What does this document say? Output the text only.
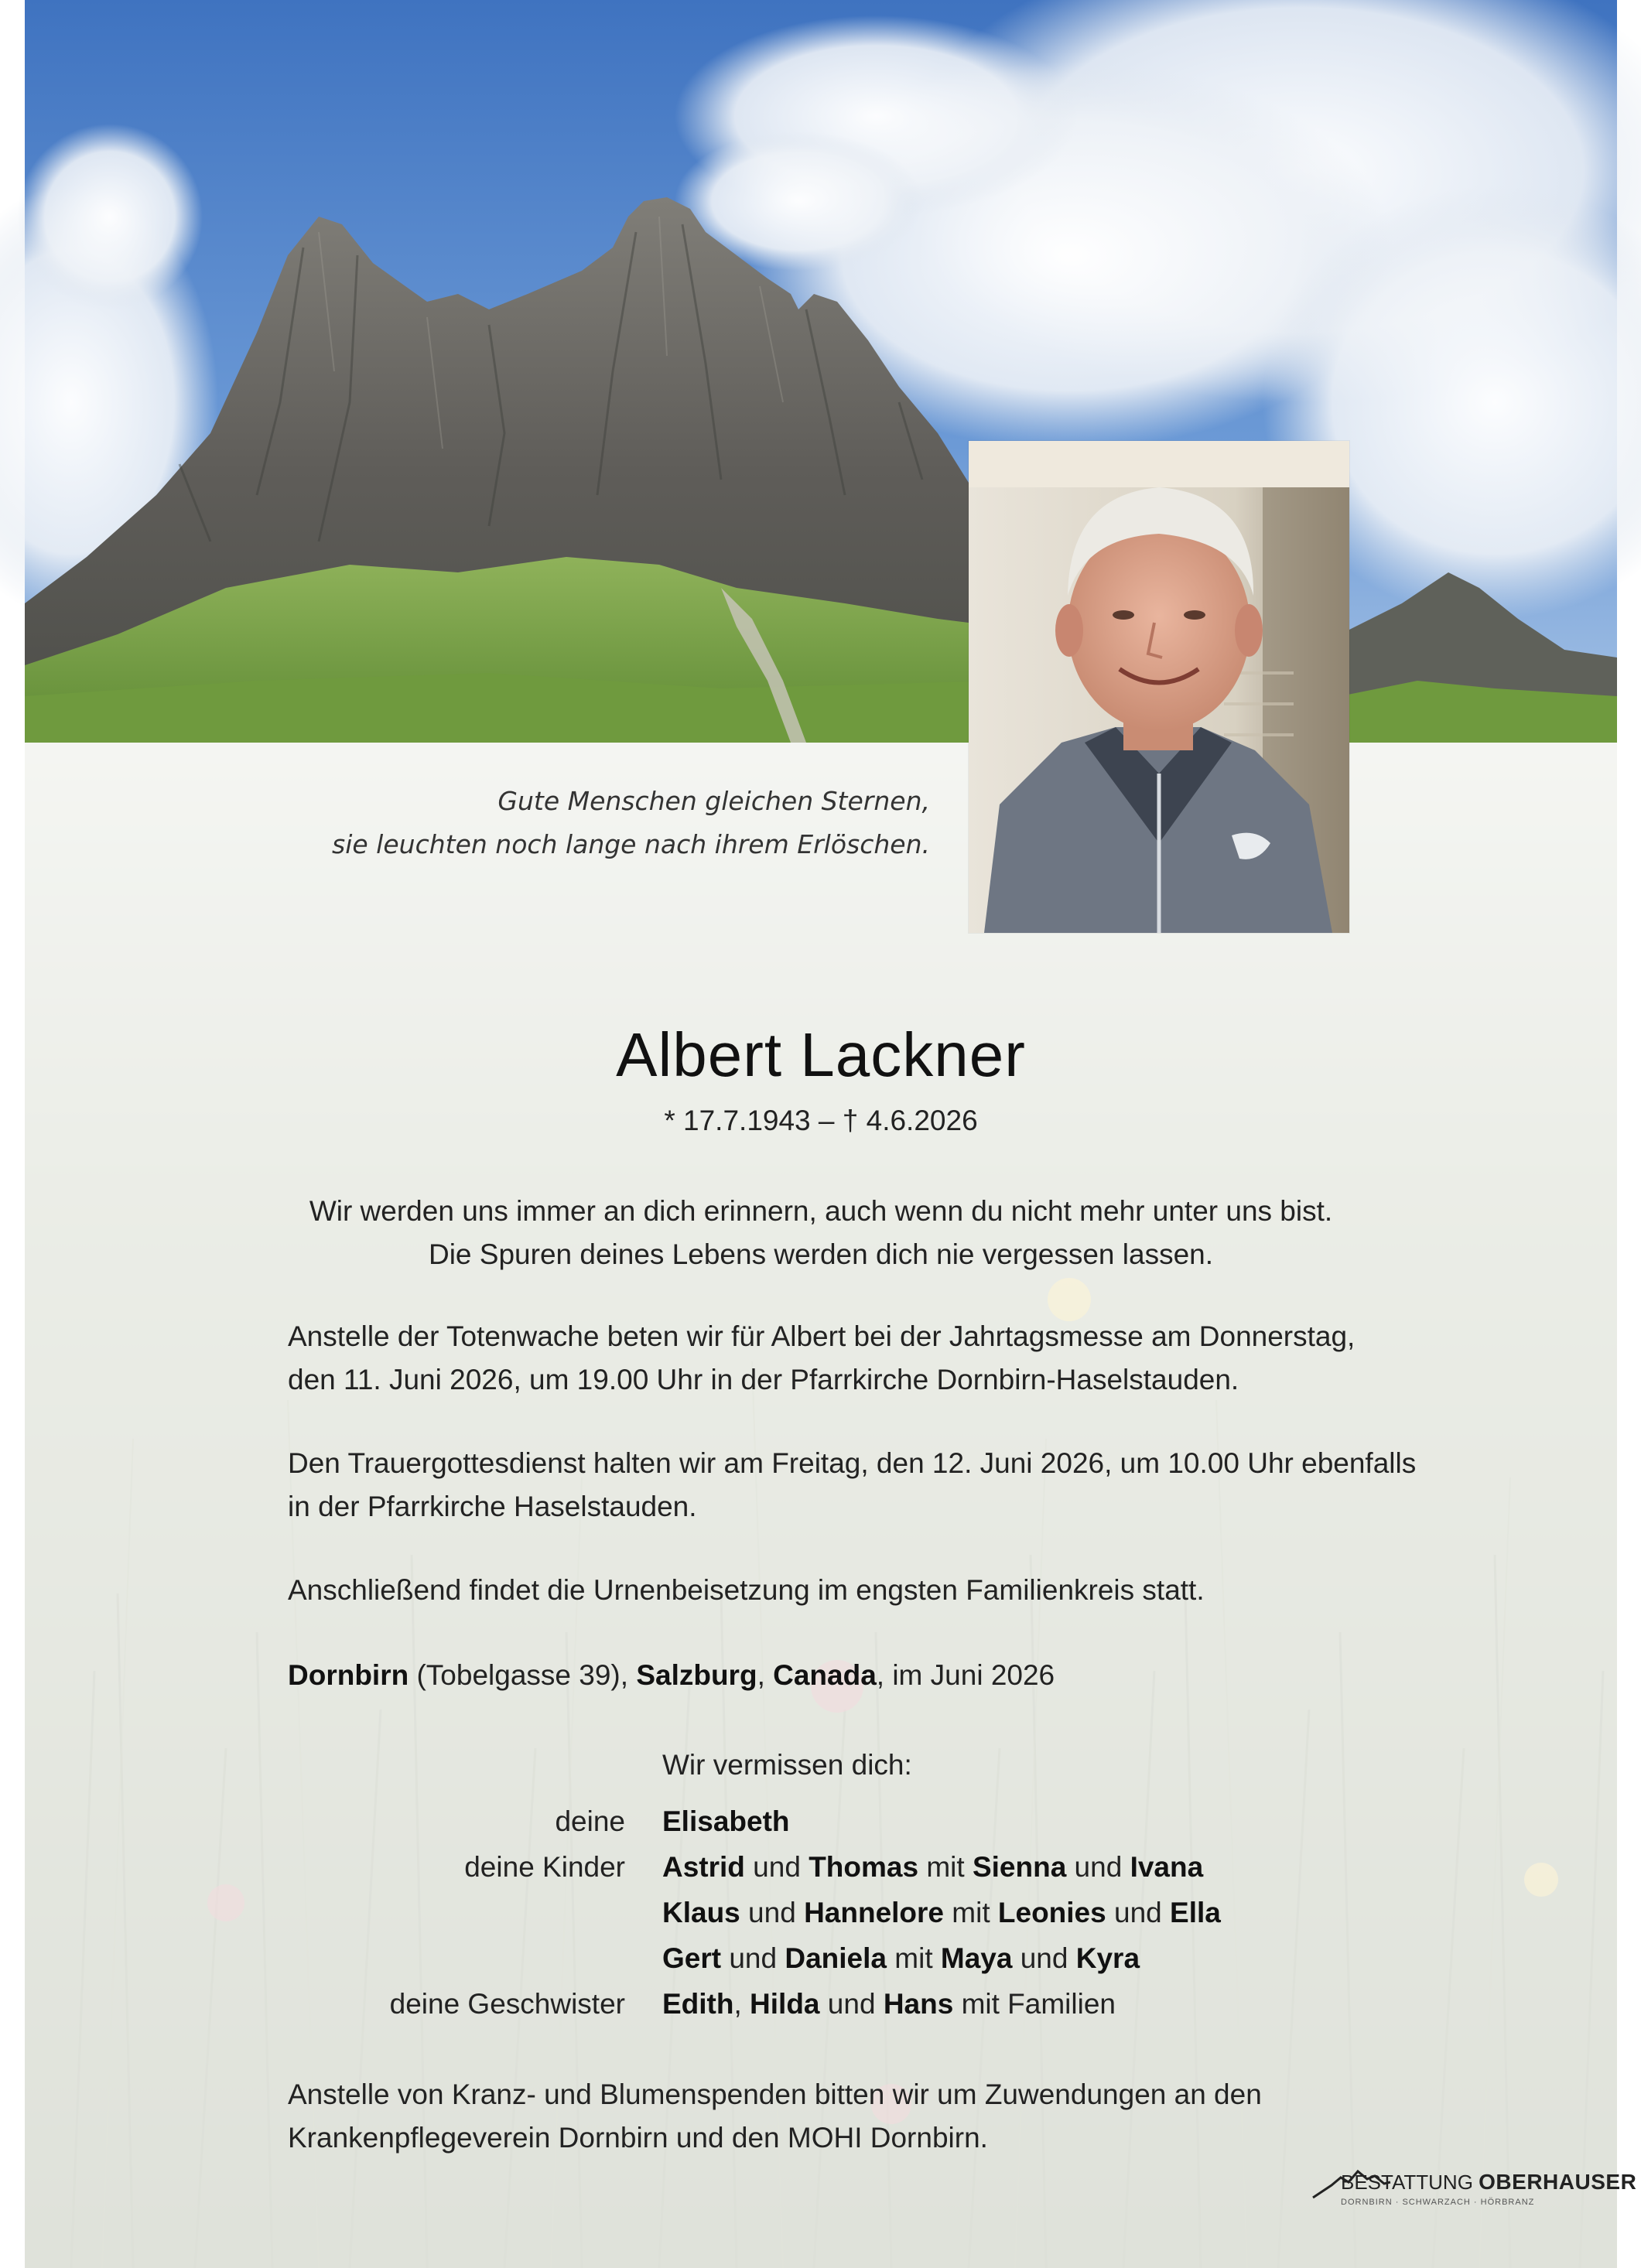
Gute Menschen gleichen Sternen,
sie leuchten noch lange nach ihrem Erlöschen.
Albert Lackner
* 17.7.1943 – † 4.6.2026
Wir werden uns immer an dich erinnern, auch wenn du nicht mehr unter uns bist.
Die Spuren deines Lebens werden dich nie vergessen lassen.
Anstelle der Totenwache beten wir für Albert bei der Jahrtagsmesse am Donnerstag,
den 11. Juni 2026, um 19.00 Uhr in der Pfarrkirche Dornbirn-Haselstauden.
Den Trauergottesdienst halten wir am Freitag, den 12. Juni 2026, um 10.00 Uhr ebenfalls
in der Pfarrkirche Haselstauden.
Anschließend findet die Urnenbeisetzung im engsten Familienkreis statt.
Dornbirn (Tobelgasse 39), Salzburg, Canada, im Juni 2026
Wir vermissen dich:
deine Elisabeth
deine Kinder Astrid und Thomas mit Sienna und Ivana
Klaus und Hannelore mit Leonies und Ella
Gert und Daniela mit Maya und Kyra
deine Geschwister Edith, Hilda und Hans mit Familien
Anstelle von Kranz- und Blumenspenden bitten wir um Zuwendungen an den
Krankenpflegeverein Dornbirn und den MOHI Dornbirn.
BESTATTUNG OBERHAUSER
DORNBIRN · SCHWARZACH · HÖRBRANZ
